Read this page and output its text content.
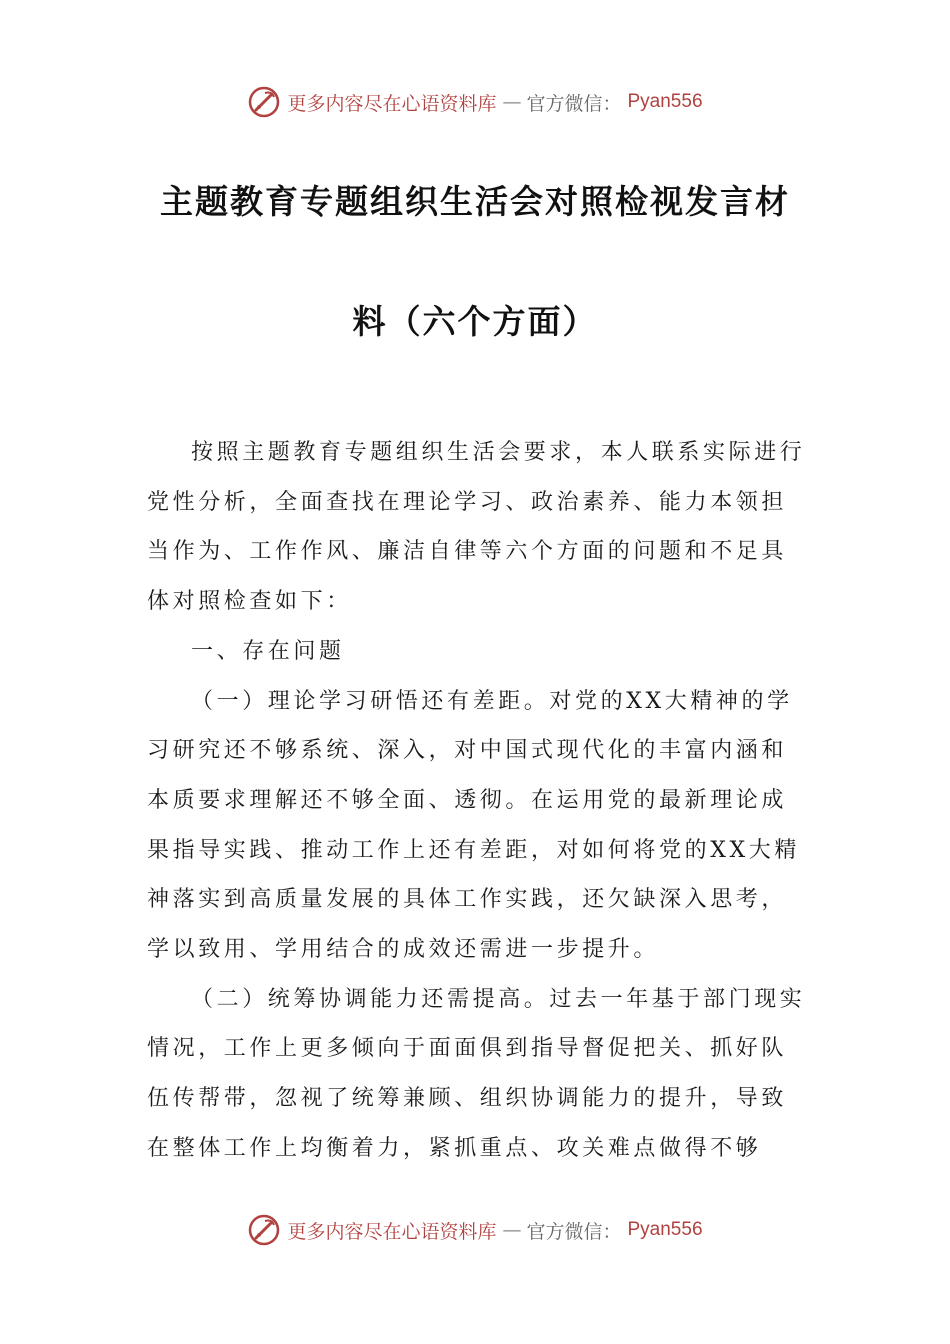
更多内容尽在心语资料库 — 官方微信： Pyan556
主题教育专题组织生活会对照检视发言材
料（六个方面）

按照主题教育专题组织生活会要求，本人联系实际进行党性分析，全面查找在理论学习、政治素养、能力本领担当作为、工作作风、廉洁自律等六个方面的问题和不足具体对照检查如下：

一、存在问题

（一）理论学习研悟还有差距。对党的XX大精神的学习研究还不够系统、深入，对中国式现代化的丰富内涵和本质要求理解还不够全面、透彻。在运用党的最新理论成果指导实践、推动工作上还有差距，对如何将党的XX大精神落实到高质量发展的具体工作实践，还欠缺深入思考，学以致用、学用结合的成效还需进一步提升。

（二）统筹协调能力还需提高。过去一年基于部门现实情况，工作上更多倾向于面面俱到指导督促把关、抓好队伍传帮带，忽视了统筹兼顾、组织协调能力的提升，导致在整体工作上均衡着力，紧抓重点、攻关难点做得不够

更多内容尽在心语资料库 — 官方微信： Pyan556
